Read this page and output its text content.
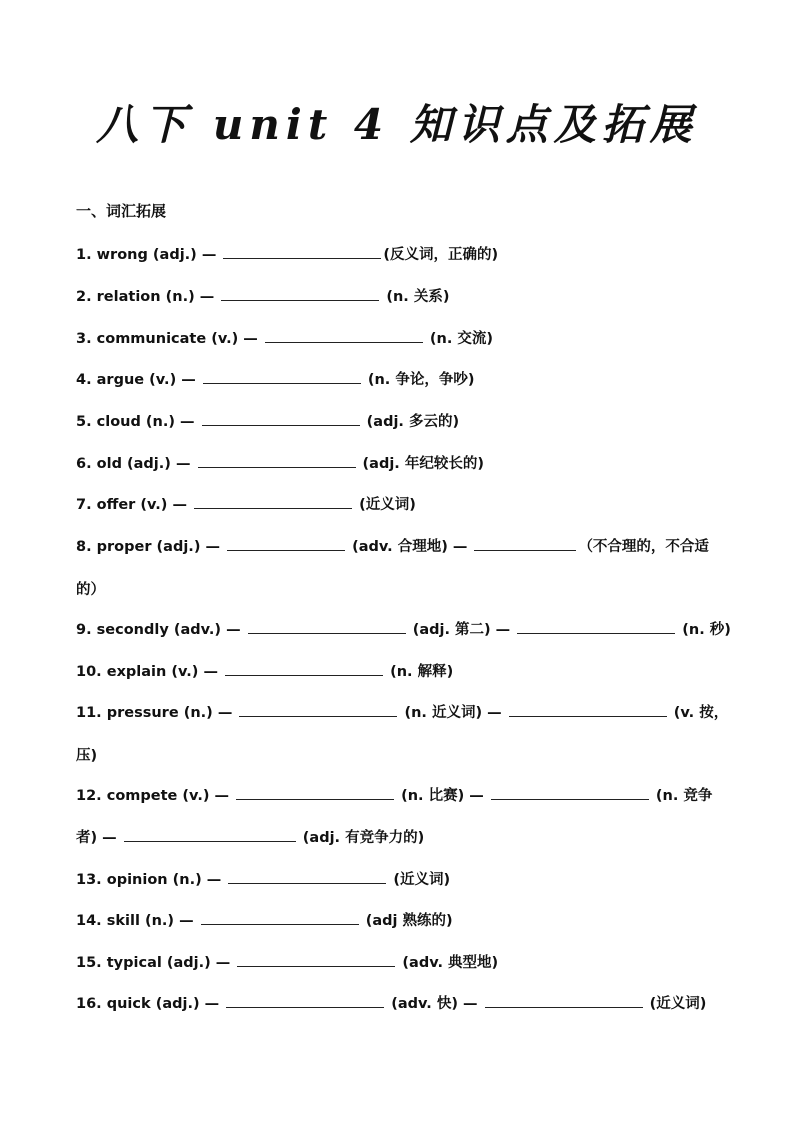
八下 unit 4 知识点及拓展
一、词汇拓展
1. wrong (adj.) —	(反义词，正确的)
2. relation (n.) —	(n. 关系)
3. communicate (v.) —	(n. 交流)
4. argue (v.) —	(n. 争论，争吵)
5. cloud (n.) —	(adj. 多云的)
6. old (adj.) —	(adj. 年纪较长的)
7. offer (v.) —	(近义词)
8. proper (adj.) —	(adv. 合理地) —	（不合理的，不合适
的）
9. secondly (adv.) —	(adj. 第二) —	(n. 秒)
10. explain (v.) —	(n. 解释)
11. pressure (n.) —	(n. 近义词) —	(v. 按，
压)
12. compete (v.) —	(n. 比赛) —	(n. 竞争
者) —	(adj. 有竞争力的)
13. opinion (n.) —	(近义词)
14. skill (n.) —	(adj 熟练的)
15. typical (adj.) —	(adv. 典型地)
16. quick (adj.) —	(adv. 快) —	(近义词)
